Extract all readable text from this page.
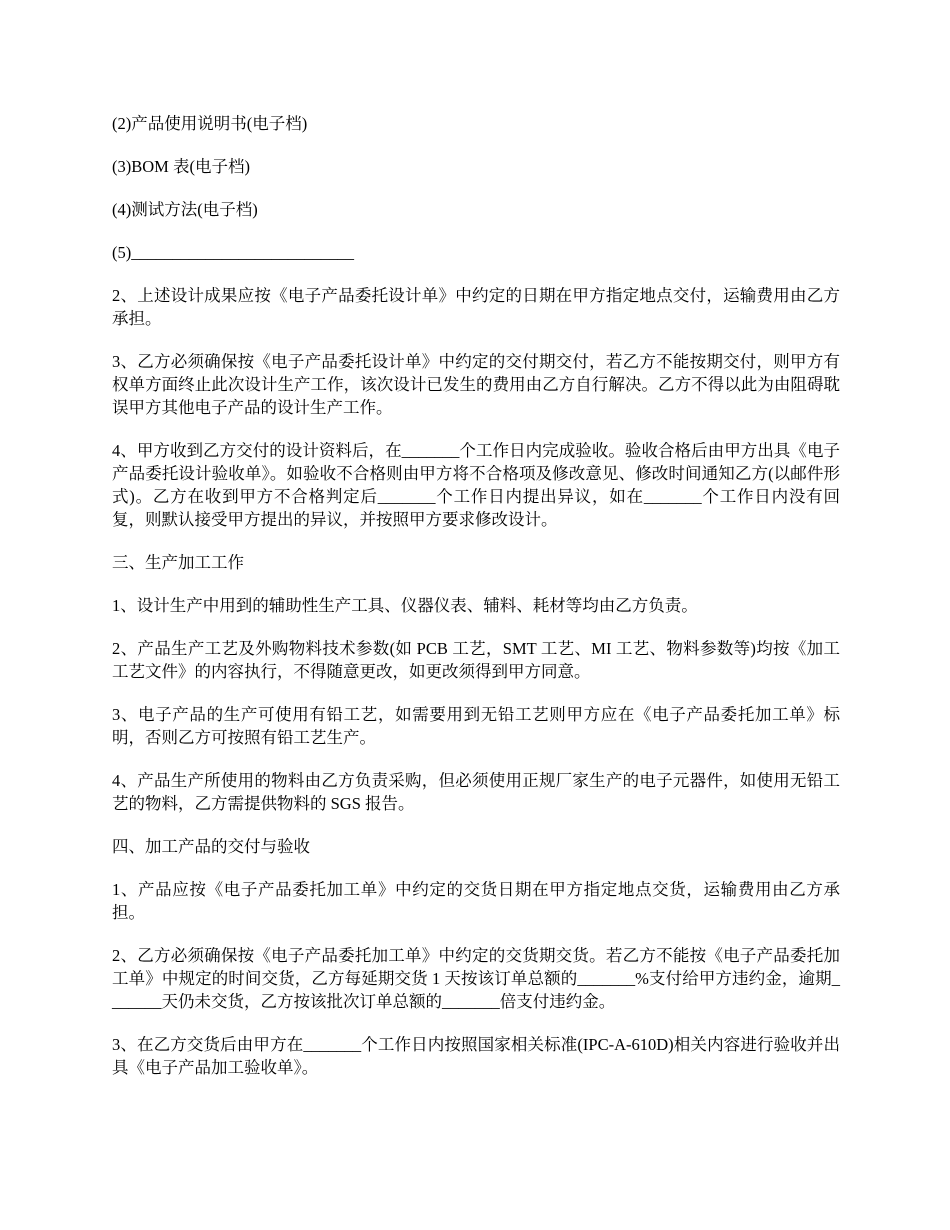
(2)产品使用说明书(电子档)

(3)BOM 表(电子档)

(4)测试方法(电子档)

(5)___________________________

2、上述设计成果应按《电子产品委托设计单》中约定的日期在甲方指定地点交付，运输费用由乙方承担。

3、乙方必须确保按《电子产品委托设计单》中约定的交付期交付，若乙方不能按期交付，则甲方有权单方面终止此次设计生产工作，该次设计已发生的费用由乙方自行解决。乙方不得以此为由阻碍耽误甲方其他电子产品的设计生产工作。

4、甲方收到乙方交付的设计资料后，在_______个工作日内完成验收。验收合格后由甲方出具《电子产品委托设计验收单》。如验收不合格则由甲方将不合格项及修改意见、修改时间通知乙方(以邮件形式)。乙方在收到甲方不合格判定后_______个工作日内提出异议，如在_______个工作日内没有回复，则默认接受甲方提出的异议，并按照甲方要求修改设计。

三、生产加工工作

1、设计生产中用到的辅助性生产工具、仪器仪表、辅料、耗材等均由乙方负责。

2、产品生产工艺及外购物料技术参数(如 PCB 工艺，SMT 工艺、MI 工艺、物料参数等)均按《加工工艺文件》的内容执行，不得随意更改，如更改须得到甲方同意。

3、电子产品的生产可使用有铅工艺，如需要用到无铅工艺则甲方应在《电子产品委托加工单》标明，否则乙方可按照有铅工艺生产。

4、产品生产所使用的物料由乙方负责采购，但必须使用正规厂家生产的电子元器件，如使用无铅工艺的物料，乙方需提供物料的 SGS 报告。

四、加工产品的交付与验收

1、产品应按《电子产品委托加工单》中约定的交货日期在甲方指定地点交货，运输费用由乙方承担。

2、乙方必须确保按《电子产品委托加工单》中约定的交货期交货。若乙方不能按《电子产品委托加工单》中规定的时间交货，乙方每延期交货 1 天按该订单总额的_______%支付给甲方违约金，逾期_______天仍未交货，乙方按该批次订单总额的_______倍支付违约金。

3、在乙方交货后由甲方在_______个工作日内按照国家相关标准(IPC-A-610D)相关内容进行验收并出具《电子产品加工验收单》。
